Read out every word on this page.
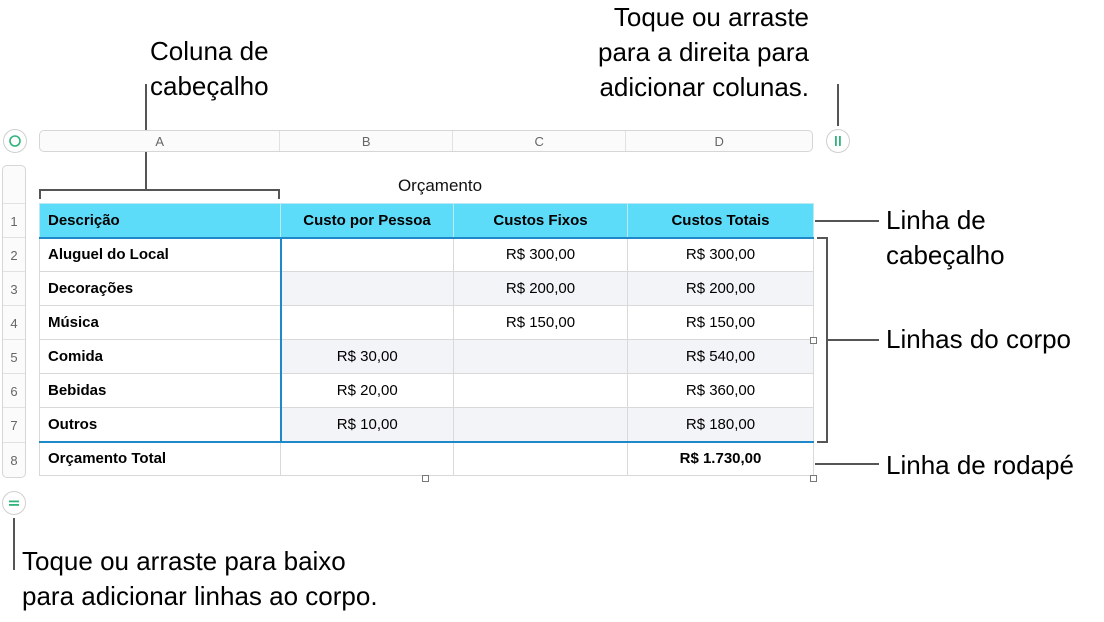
Coluna de
cabeçalho
Toque ou arraste
para a direita para
adicionar colunas.
Linha de
cabeçalho
Linhas do corpo
Linha de rodapé
Toque ou arraste para baixo
para adicionar linhas ao corpo.
A	B	C	D
1
2
3
4
5
6
7
8
Orçamento
Descrição	Custo por Pessoa	Custos Fixos	Custos Totais
Aluguel do Local		R$ 300,00	R$ 300,00
Decorações		R$ 200,00	R$ 200,00
Música		R$ 150,00	R$ 150,00
Comida	R$ 30,00		R$ 540,00
Bebidas	R$ 20,00		R$ 360,00
Outros	R$ 10,00		R$ 180,00
Orçamento Total			R$ 1.730,00
